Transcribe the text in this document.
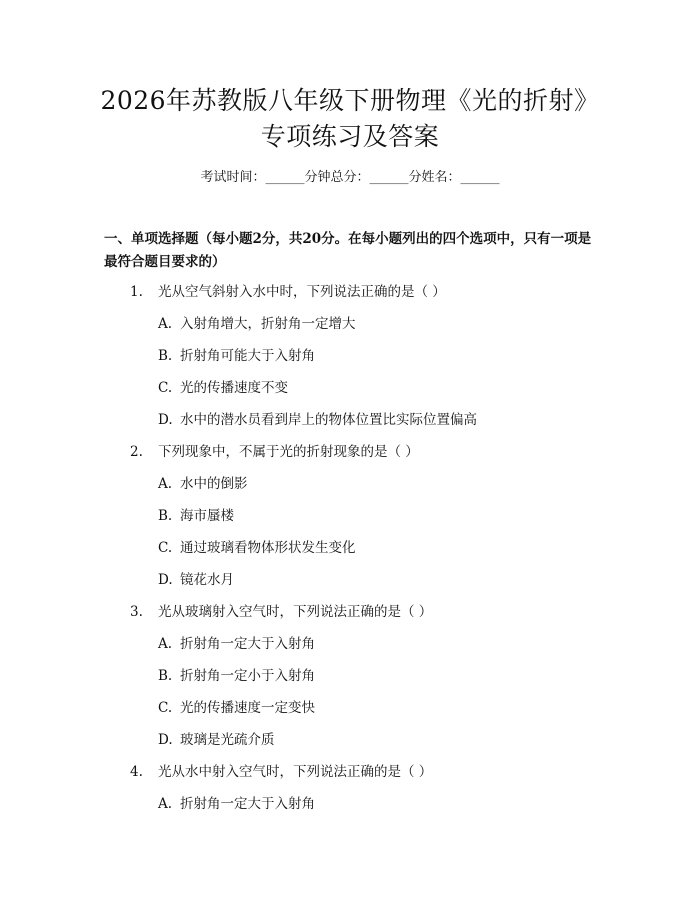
2026年苏教版八年级下册物理《光的折射》
专项练习及答案
考试时间：______分钟总分：______分姓名：______
一、单项选择题（每小题2分，共20分。在每小题列出的四个选项中，只有一项是最符合题目要求的）
1. 光从空气斜射入水中时，下列说法正确的是（ ）
A. 入射角增大，折射角一定增大
B. 折射角可能大于入射角
C. 光的传播速度不变
D. 水中的潜水员看到岸上的物体位置比实际位置偏高
2. 下列现象中，不属于光的折射现象的是（ ）
A. 水中的倒影
B. 海市蜃楼
C. 通过玻璃看物体形状发生变化
D. 镜花水月
3. 光从玻璃射入空气时，下列说法正确的是（ ）
A. 折射角一定大于入射角
B. 折射角一定小于入射角
C. 光的传播速度一定变快
D. 玻璃是光疏介质
4. 光从水中射入空气时，下列说法正确的是（ ）
A. 折射角一定大于入射角
